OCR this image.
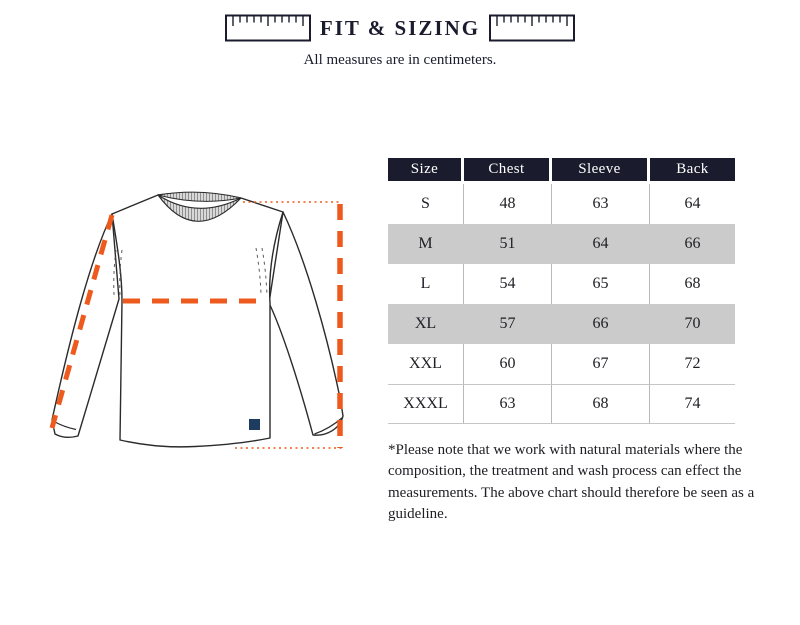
FIT & SIZING
All measures are in centimeters.
Size	Chest	Sleeve	Back
S	48	63	64
M	51	64	66
L	54	65	68
XL	57	66	70
XXL	60	67	72
XXXL	63	68	74

*Please note that we work with natural materials where the composition, the treatment and wash process can effect the measurements. The above chart should therefore be seen as a guideline.
